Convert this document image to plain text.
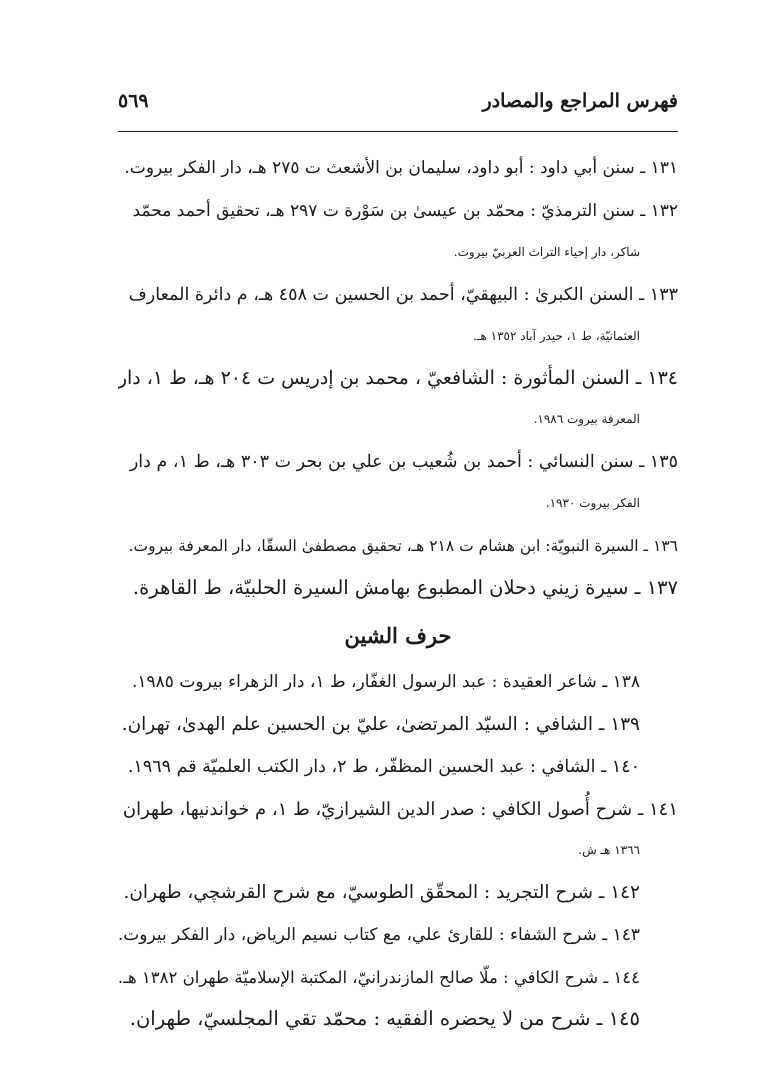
فهرس المراجع والمصادر
٥٦٩
١٣١ ـ سنن أبي داود : أبو داود، سليمان بن الأشعث ت ٢٧٥ هـ، دار الفكر بيروت.
١٣٢ ـ سنن الترمذيّ : محمّد بن عيسىٰ بن سَوْرة ت ٢٩٧ هـ، تحقيق أحمد محمّد
شاكر، دار إحياء التراث العربيّ بيروت.
١٣٣ ـ السنن الكبرىٰ : البيهقيّ، أحمد بن الحسين ت ٤٥٨ هـ، م دائرة المعارف
العثمانيّة، ط ١، حيدر آباد ١٣٥٢ هـ.
١٣٤ ـ السنن المأثورة : الشافعيّ ، محمد بن إدريس ت ٢٠٤ هـ، ط ١، دار
المعرفة بيروت ١٩٨٦.
١٣٥ ـ سنن النسائي : أحمد بن شُعيب بن علي بن بحر ت ٣٠٣ هـ، ط ١، م دار
الفكر بيروت ١٩٣٠.
١٣٦ ـ السيرة النبويّة: ابن هشام ت ٢١٨ هـ، تحقيق مصطفىٰ السقّا، دار المعرفة بيروت.
١٣٧ ـ سيرة زيني دحلان المطبوع بهامش السيرة الحلبيّة، ط القاهرة.
حرف الشين
١٣٨ ـ شاعر العقيدة : عبد الرسول الغفّار، ط ١، دار الزهراء بيروت ١٩٨٥.
١٣٩ ـ الشافي : السيّد المرتضىٰ، عليّ بن الحسين علم الهدىٰ، تهران.
١٤٠ ـ الشافي : عبد الحسين المظفّر، ط ٢، دار الكتب العلميّة قم ١٩٦٩.
١٤١ ـ شرح أُصول الكافي : صدر الدين الشيرازيّ، ط ١، م خواندنيها، طهران
١٣٦٦ هـ ش.
١٤٢ ـ شرح التجريد : المحقّق الطوسيّ، مع شرح القرشچي، طهران.
١٤٣ ـ شرح الشفاء : للقارئ علي، مع كتاب نسيم الرياض، دار الفكر بيروت.
١٤٤ ـ شرح الكافي : ملّا صالح المازندرانيّ، المكتبة الإسلاميّة طهران ١٣٨٢ هـ.
١٤٥ ـ شرح من لا يحضره الفقيه : محمّد تقي المجلسيّ، طهران.
